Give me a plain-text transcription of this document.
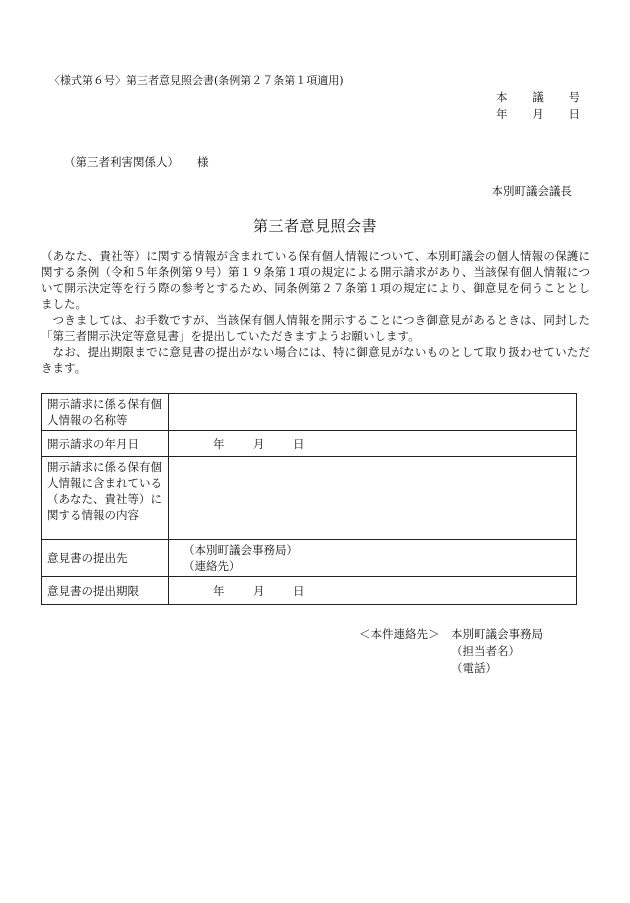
〈様式第６号〉第三者意見照会書(条例第２７条第１項適用)
本 議 号
年 月 日
（第三者利害関係人） 様
本別町議会議長
第三者意見照会書

（あなた、貴社等）に関する情報が含まれている保有個人情報について、本別町議会の個人情報の保護に関する条例（令和５年条例第９号）第１９条第１項の規定による開示請求があり、当該保有個人情報について開示決定等を行う際の参考とするため、同条例第２７条第１項の規定により、御意見を伺うこととしました。

つきましては、お手数ですが、当該保有個人情報を開示することにつき御意見があるときは、同封した「第三者開示決定等意見書」を提出していただきますようお願いします。

なお、提出期限までに意見書の提出がない場合には、特に御意見がないものとして取り扱わせていただきます。

開示請求に係る保有個人情報の名称等	
開示請求の年月日	年 月 日

開示請求に係る保有個人情報に含まれている（あなた、貴社等）に関する情報の内容	
意見書の提出先	（本別町議会事務局）
（連絡先）

意見書の提出期限	年 月 日
＜本件連絡先＞	本別町議会事務局
（担当者名）
（電話）
